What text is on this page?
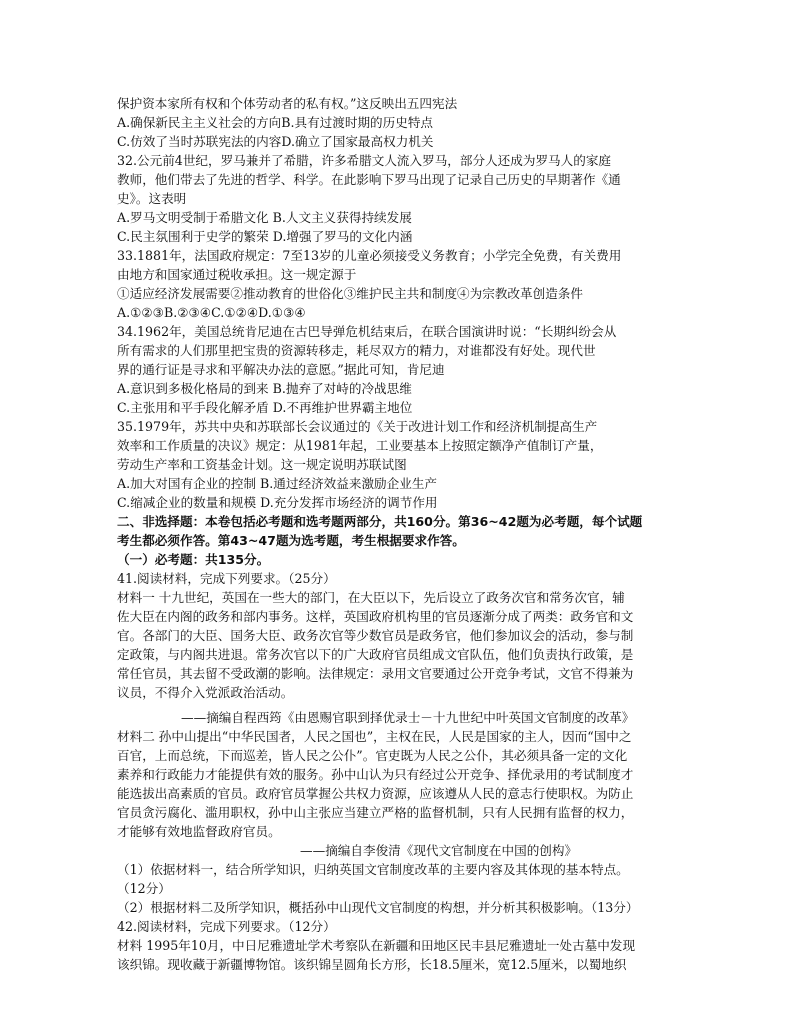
保护资本家所有权和个体劳动者的私有权。”这反映出五四宪法
A.确保新民主主义社会的方向B.具有过渡时期的历史特点
C.仿效了当时苏联宪法的内容D.确立了国家最高权力机关
32.公元前4世纪，罗马兼并了希腊，许多希腊文人流入罗马，部分人还成为罗马人的家庭
教师，他们带去了先进的哲学、科学。在此影响下罗马出现了记录自己历史的早期著作《通
史》。这表明
A.罗马文明受制于希腊文化 B.人文主义获得持续发展
C.民主氛围利于史学的繁荣 D.增强了罗马的文化内涵
33.1881年，法国政府规定：7至13岁的儿童必须接受义务教育；小学完全免费，有关费用
由地方和国家通过税收承担。这一规定源于
①适应经济发展需要②推动教育的世俗化③维护民主共和制度④为宗教改革创造条件
A.①②③B.②③④C.①②④D.①③④
34.1962年，美国总统肯尼迪在古巴导弹危机结束后，在联合国演讲时说：“长期纠纷会从
所有需求的人们那里把宝贵的资源转移走，耗尽双方的精力，对谁都没有好处。现代世
界的通行证是寻求和平解决办法的意愿。”据此可知，肯尼迪
A.意识到多极化格局的到来 B.抛弃了对峙的冷战思维
C.主张用和平手段化解矛盾 D.不再维护世界霸主地位
35.1979年，苏共中央和苏联部长会议通过的《关于改进计划工作和经济机制提高生产
效率和工作质量的决议》规定：从1981年起，工业要基本上按照定额净产值制订产量，
劳动生产率和工资基金计划。这一规定说明苏联试图
A.加大对国有企业的控制 B.通过经济效益来激励企业生产
C.缩减企业的数量和规模 D.充分发挥市场经济的调节作用
二、非选择题：本卷包括必考题和选考题两部分，共160分。第36~42题为必考题，每个试题
考生都必须作答。第43~47题为选考题，考生根据要求作答。
（一）必考题：共135分。
41.阅读材料，完成下列要求。（25分）
材料一 十九世纪，英国在一些大的部门，在大臣以下，先后设立了政务次官和常务次官，辅
佐大臣在内阁的政务和部内事务。这样，英国政府机构里的官员逐渐分成了两类：政务官和文
官。各部门的大臣、国务大臣、政务次官等少数官员是政务官，他们参加议会的活动，参与制
定政策，与内阁共进退。常务次官以下的广大政府官员组成文官队伍，他们负责执行政策，是
常任官员，其去留不受政潮的影响。法律规定：录用文官要通过公开竞争考试，文官不得兼为
议员，不得介入党派政治活动。
——摘编自程西筠《由恩赐官职到择优录士－十九世纪中叶英国文官制度的改革》
材料二 孙中山提出“中华民国者，人民之国也”，主权在民，人民是国家的主人，因而“国中之
百官，上而总统，下而巡差，皆人民之公仆”。官吏既为人民之公仆，其必须具备一定的文化
素养和行政能力才能提供有效的服务。孙中山认为只有经过公开竞争、择优录用的考试制度才
能选拔出高素质的官员。政府官员掌握公共权力资源，应该遵从人民的意志行使职权。为防止
官员贪污腐化、滥用职权，孙中山主张应当建立严格的监督机制，只有人民拥有监督的权力，
才能够有效地监督政府官员。
——摘编自李俊清《现代文官制度在中国的创构》
（1）依据材料一，结合所学知识，归纳英国文官制度改革的主要内容及其体现的基本特点。
（12分）
（2）根据材料二及所学知识，概括孙中山现代文官制度的构想，并分析其积极影响。（13分）
42.阅读材料，完成下列要求。（12分）
材料 1995年10月，中日尼雅遗址学术考察队在新疆和田地区民丰县尼雅遗址一处古墓中发现
该织锦。现收藏于新疆博物馆。该织锦呈圆角长方形，长18.5厘米，宽12.5厘米，以蜀地织
